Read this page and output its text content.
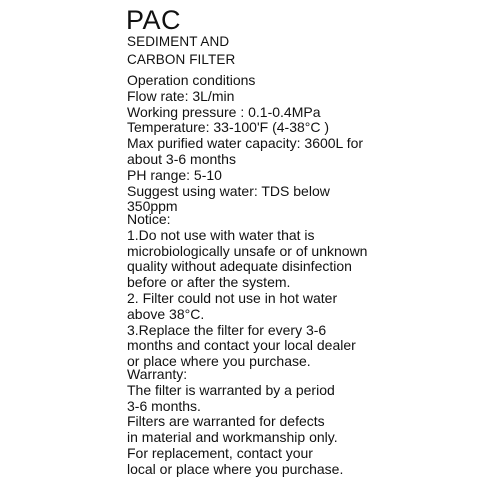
PAC
SEDIMENT AND
CARBON FILTER

Operation conditions
Flow rate: 3L/min
Working pressure : 0.1-0.4MPa
Temperature: 33-100'F (4-38°C )
Max purified water capacity: 3600L for
about 3-6 months
PH range: 5-10
Suggest using water: TDS below
350ppm

Notice:
1.Do not use with water that is
microbiologically unsafe or of unknown
quality without adequate disinfection
before or after the system.
2. Filter could not use in hot water
above 38°C.
3.Replace the filter for every 3-6
months and contact your local dealer
or place where you purchase.

Warranty:
The filter is warranted by a period
3-6 months.
Filters are warranted for defects
in material and workmanship only.
For replacement, contact your
local or place where you purchase.
